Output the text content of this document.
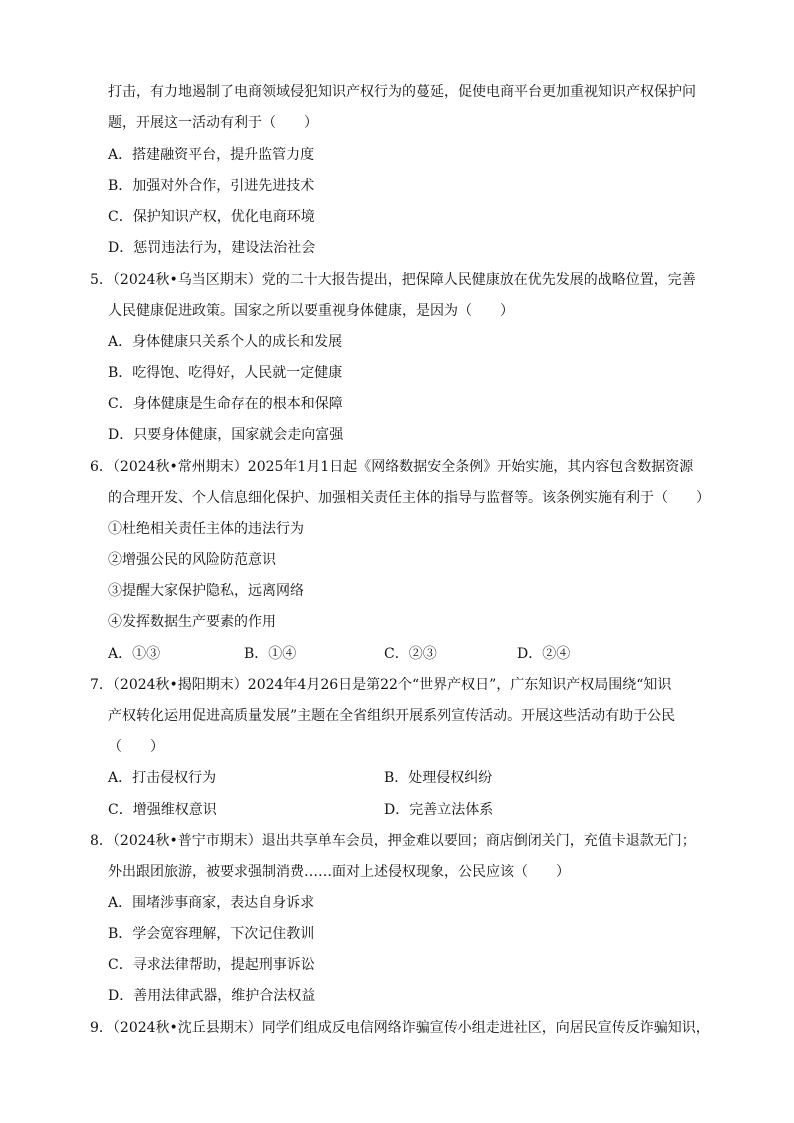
打击，有力地遏制了电商领域侵犯知识产权行为的蔓延，促使电商平台更加重视知识产权保护问
题，开展这一活动有利于（　　）
A．搭建融资平台，提升监管力度
B．加强对外合作，引进先进技术
C．保护知识产权，优化电商环境
D．惩罚违法行为，建设法治社会
5．（2024秋•乌当区期末）党的二十大报告提出，把保障人民健康放在优先发展的战略位置，完善
人民健康促进政策。国家之所以要重视身体健康，是因为（　　）
A．身体健康只关系个人的成长和发展
B．吃得饱、吃得好，人民就一定健康
C．身体健康是生命存在的根本和保障
D．只要身体健康，国家就会走向富强
6．（2024秋•常州期末）2025年1月1日起《网络数据安全条例》开始实施，其内容包含数据资源
的合理开发、个人信息细化保护、加强相关责任主体的指导与监督等。该条例实施有利于（　　）
①杜绝相关责任主体的违法行为
②增强公民的风险防范意识
③提醒大家保护隐私，远离网络
④发挥数据生产要素的作用
A．①③	B．①④	C．②③	D．②④
7．（2024秋•揭阳期末）2024年4月26日是第22个“世界产权日”，广东知识产权局围绕“知识
产权转化运用促进高质量发展”主题在全省组织开展系列宣传活动。开展这些活动有助于公民
（　　）
A．打击侵权行为	B．处理侵权纠纷
C．增强维权意识	D．完善立法体系
8．（2024秋•普宁市期末）退出共享单车会员，押金难以要回；商店倒闭关门，充值卡退款无门；
外出跟团旅游，被要求强制消费……面对上述侵权现象，公民应该（　　）
A．围堵涉事商家，表达自身诉求
B．学会宽容理解，下次记住教训
C．寻求法律帮助，提起刑事诉讼
D．善用法律武器，维护合法权益
9．（2024秋•沈丘县期末）同学们组成反电信网络诈骗宣传小组走进社区，向居民宣传反诈骗知识，
